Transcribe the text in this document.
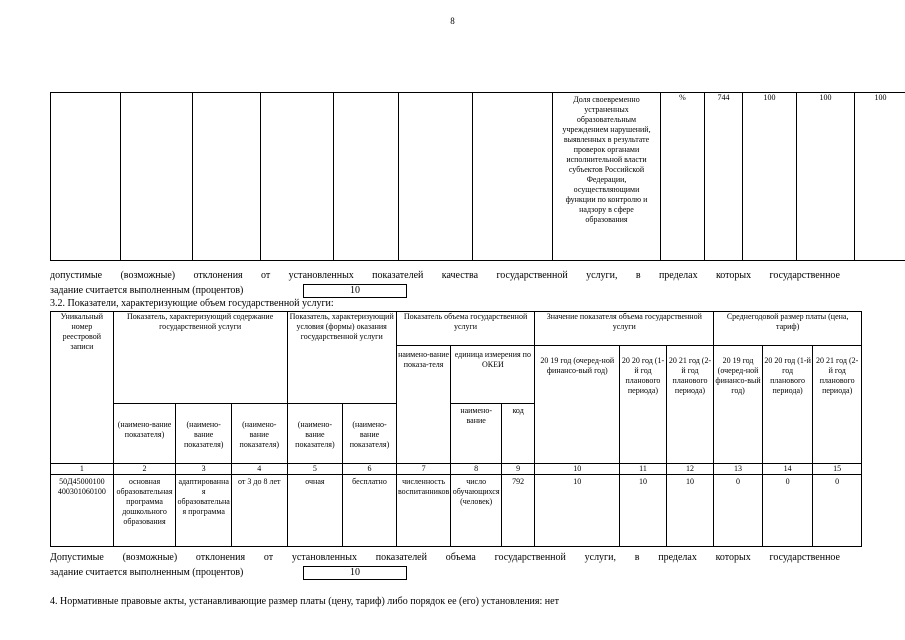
8
							Доля своевременно устраненных образовательным учреждением нарушений, выявленных в результате проверок органами исполнительной власти субъектов Российской Федерации, осуществляющими функции по контролю и надзору в сфере образования	%	744	100	100	100
допустимые (возможные) отклонения от установленных показателей качества государственной услуги, в пределах которых государственное
задание считается выполненным (процентов)	10
3.2. Показатели, характеризующие объем государственной услуги:
Уникальный номер реестровой записи	Показатель, характеризующий содержание государственной услуги			Показатель, характеризующий условия (формы) оказания государственной услуги		Показатель объема государственной услуги			Значение показателя объема государственной услуги			Среднегодовой размер платы (цена, тариф)		
						наимено-вание показа-теля	единица измерения по ОКЕИ		20 19 год (очеред-ной финансо-вый год)	20 20 год (1-й год планового периода)	20 21 год (2-й год планового периода)	20 19 год (очеред-ной финансо-вый год)	20 20 год (1-й год планового периода)	20 21 год (2-й год планового периода)
	(наимено-вание показателя)	(наимено-вание показателя)	(наимено-вание показателя)	(наимено-вание показателя)	(наимено-вание показателя)		наимено-вание	код						
1	2	3	4	5	6	7	8	9	10	11	12	13	14	15
50Д45000100 400301060100	основная образовательная программа дошкольного образования	адаптированная образовательная программа	от 3 до 8 лет	очная	бесплатно	численность воспитанников	число обучающихся (человек)	792	10	10	10	0	0	0
Допустимые (возможные) отклонения от установленных показателей объема государственной услуги, в пределах которых государственное
задание считается выполненным (процентов)	10
4. Нормативные правовые акты, устанавливающие размер платы (цену, тариф) либо порядок ее (его) установления: нет
